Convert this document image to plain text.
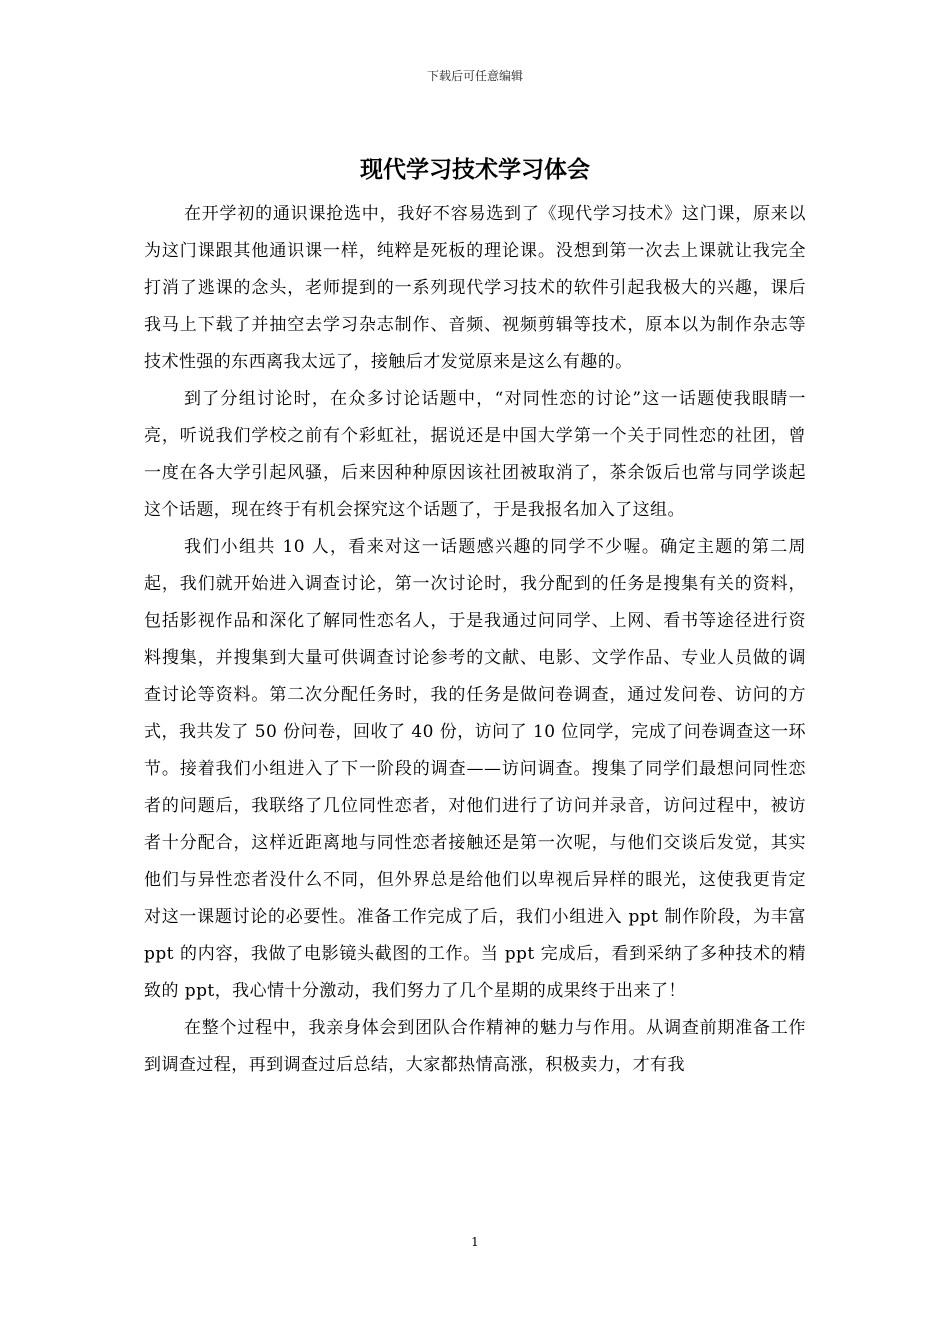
下载后可任意编辑
现代学习技术学习体会

在开学初的通识课抢选中，我好不容易选到了《现代学习技术》这门课，原来以为这门课跟其他通识课一样，纯粹是死板的理论课。没想到第一次去上课就让我完全打消了逃课的念头，老师提到的一系列现代学习技术的软件引起我极大的兴趣，课后我马上下载了并抽空去学习杂志制作、音频、视频剪辑等技术，原本以为制作杂志等技术性强的东西离我太远了，接触后才发觉原来是这么有趣的。

到了分组讨论时，在众多讨论话题中，“对同性恋的讨论”这一话题使我眼睛一亮，听说我们学校之前有个彩虹社，据说还是中国大学第一个关于同性恋的社团，曾一度在各大学引起风骚，后来因种种原因该社团被取消了，茶余饭后也常与同学谈起这个话题，现在终于有机会探究这个话题了，于是我报名加入了这组。

我们小组共 10 人，看来对这一话题感兴趣的同学不少喔。确定主题的第二周起，我们就开始进入调查讨论，第一次讨论时，我分配到的任务是搜集有关的资料，包括影视作品和深化了解同性恋名人，于是我通过问同学、上网、看书等途径进行资料搜集，并搜集到大量可供调查讨论参考的文献、电影、文学作品、专业人员做的调查讨论等资料。第二次分配任务时，我的任务是做问卷调查，通过发问卷、访问的方式，我共发了 50 份问卷，回收了 40 份，访问了 10 位同学，完成了问卷调查这一环节。接着我们小组进入了下一阶段的调查——访问调查。搜集了同学们最想问同性恋者的问题后，我联络了几位同性恋者，对他们进行了访问并录音，访问过程中，被访者十分配合，这样近距离地与同性恋者接触还是第一次呢，与他们交谈后发觉，其实他们与异性恋者没什么不同，但外界总是给他们以卑视后异样的眼光，这使我更肯定对这一课题讨论的必要性。准备工作完成了后，我们小组进入 ppt 制作阶段，为丰富 ppt 的内容，我做了电影镜头截图的工作。当 ppt 完成后，看到采纳了多种技术的精致的 ppt，我心情十分激动，我们努力了几个星期的成果终于出来了！

在整个过程中，我亲身体会到团队合作精神的魅力与作用。从调查前期准备工作到调查过程，再到调查过后总结，大家都热情高涨，积极卖力，才有我

1
